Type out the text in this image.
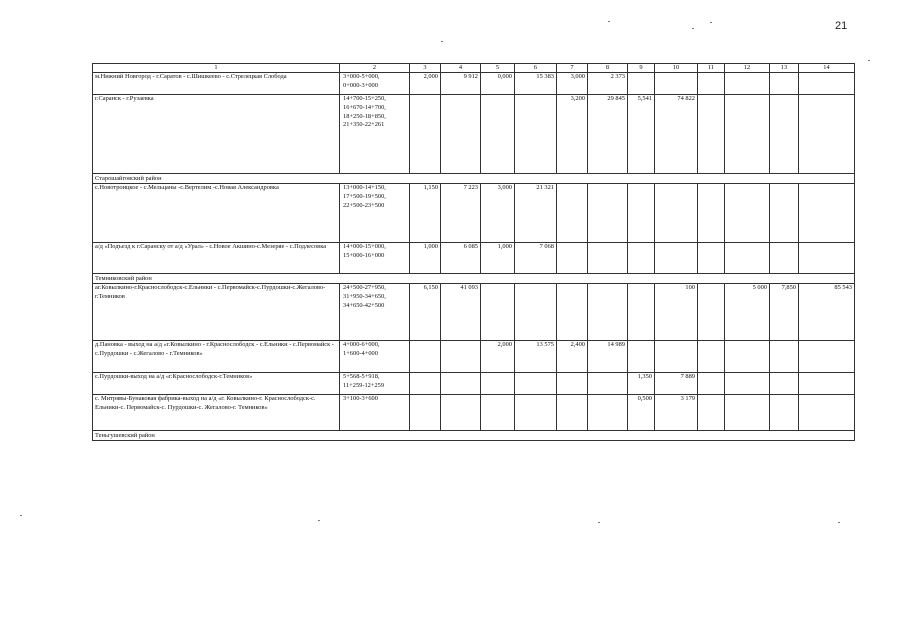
21
1	2	3	4	5	6	7	8	9	10	11	12	13	14
м.Нижний Новгород - г.Саратов - с.Шишкеево - с.Стрелецкая Слобода	3+000-5+000,
0+000-3+000	2,000	9 912	0,000	15 383	3,000	2 373						
г.Саранск - г.Рузаевка	14+700-15+250,
16+670-14+700,
18+250-18+850,
21+350-22+261					3,200	29 845	5,541	74 822				
Старошайговский район													
с.Новотроицкое - с.Мельцаны -с.Вертелим -с.Новая Александровка	13+000-14+150,
17+500-19+500,
22+500-23+500	1,150	7 223	3,000	21 321								
а/д «Подъезд к г.Саранску от а/д «Урал» - с.Новое Акшино-с.Мезеряе - с.Подлесовка	14+000-15+000,
15+000-16+000	1,000	6 085	1,000	7 068								
Темниковский район													
аг.Ковылкино-г.Краснослободск-с.Ельники - с.Первомайск-с.Пурдошки-с.Жегалово-г.Темников	24+500-27+950,
31+950-34+650,
34+650-42+500	6,150	41 093						100		5 000	7,850	85 543
д.Пановка - выход на а/д «г.Ковылкино - г.Краснослободск - с.Ельники - с.Первомайск - с.Пурдошки - с.Жегалово - г.Темников»	4+000-6+000,
1+600-4+000			2,000	13 575	2,400	14 989						
с.Пурдошки-выход на а/д «г.Краснослободск-г.Темников»	5+568-5+918,
11+259-12+259							1,350	7 889				
с. Митрявы-Бунаковая фабрика-выход на а/д «г. Ковылкино-г. Краснослободск-с. Ельники-с. Первомайск-с. Пурдошки-с. Жегалово-г. Темников»	3+100-3+600							0,500	3 179				
Теньгушевский район													
